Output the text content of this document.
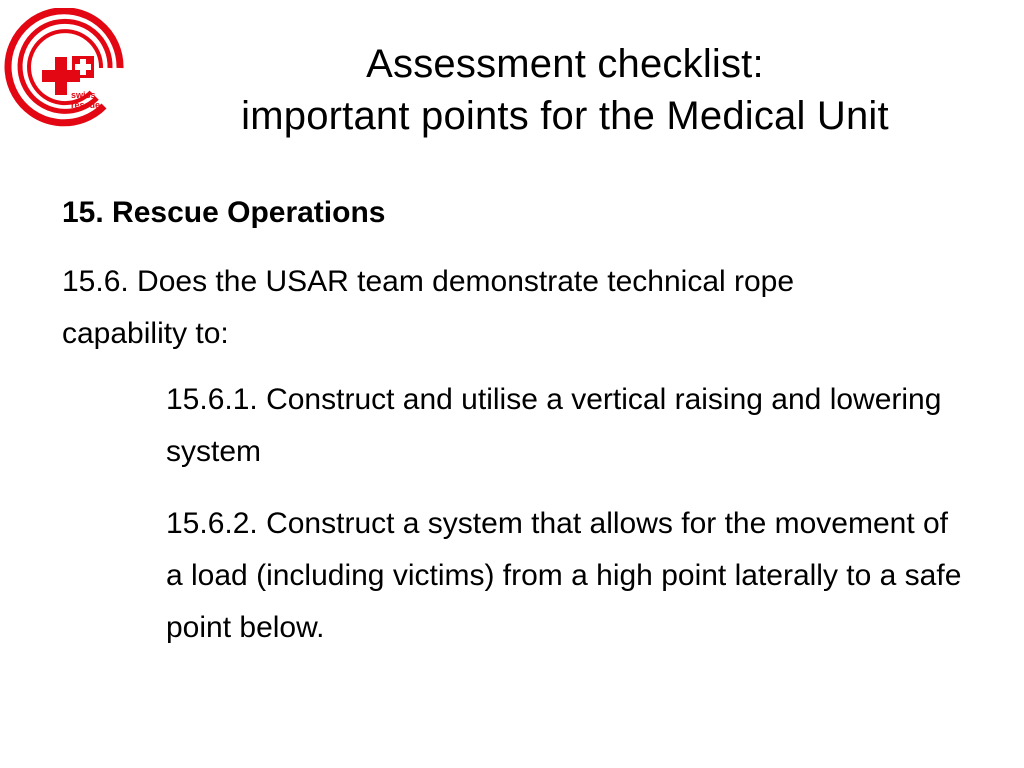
swiss
rescue
Assessment checklist:
important points for the Medical Unit
15. Rescue Operations
15.6. Does the USAR team demonstrate technical rope capability to:
15.6.1. Construct and utilise a vertical raising and lowering system
15.6.2. Construct a system that allows for the movement of a load (including victims) from a high point laterally to a safe point below.
